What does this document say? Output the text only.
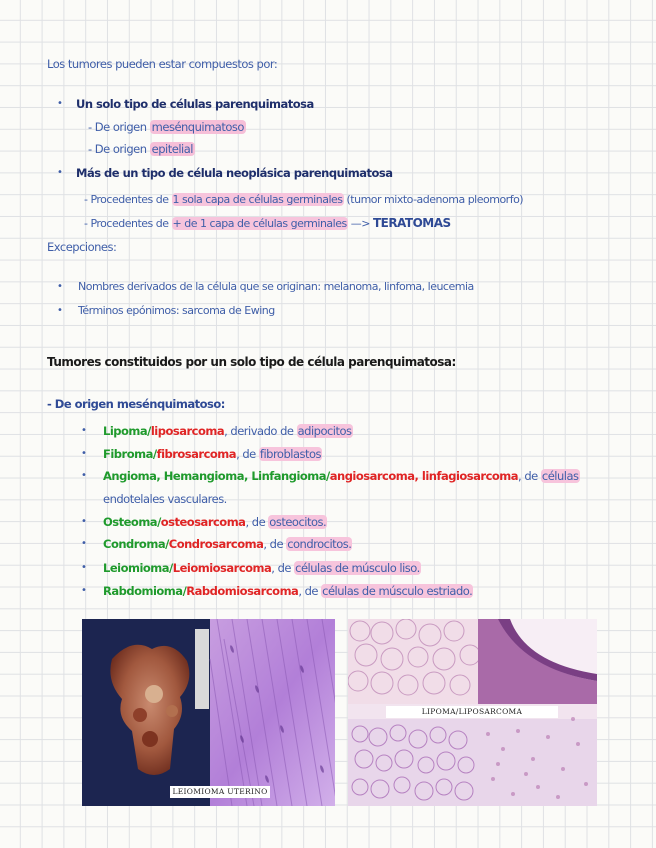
Los tumores pueden estar compuestos por:
• Un solo tipo de células parenquimatosa
- De origen mesénquimatoso
- De origen epitelial
• Más de un tipo de célula neoplásica parenquimatosa
- Procedentes de 1 sola capa de células germinales (tumor mixto-adenoma pleomorfo)
- Procedentes de + de 1 capa de células germinales —> TERATOMAS
Excepciones:
• Nombres derivados de la célula que se originan: melanoma, linfoma, leucemia
• Términos epónimos: sarcoma de Ewing
Tumores constituidos por un solo tipo de célula parenquimatosa:
- De origen mesénquimatoso:
• Lipoma/liposarcoma, derivado de adipocitos
• Fibroma/fibrosarcoma, de fibroblastos
• Angioma, Hemangioma, Linfangioma/angiosarcoma, linfagiosarcoma, de células
• Osteoma/osteosarcoma, de osteocitos.
• Condroma/Condrosarcoma, de condrocitos.
• Leiomioma/Leiomiosarcoma, de células de músculo liso.
• Rabdomioma/Rabdomiosarcoma, de células de músculo estriado.
endotelales vasculares.
LEIOMIOMA UTERINO
LIPOMA/LIPOSARCOMA
